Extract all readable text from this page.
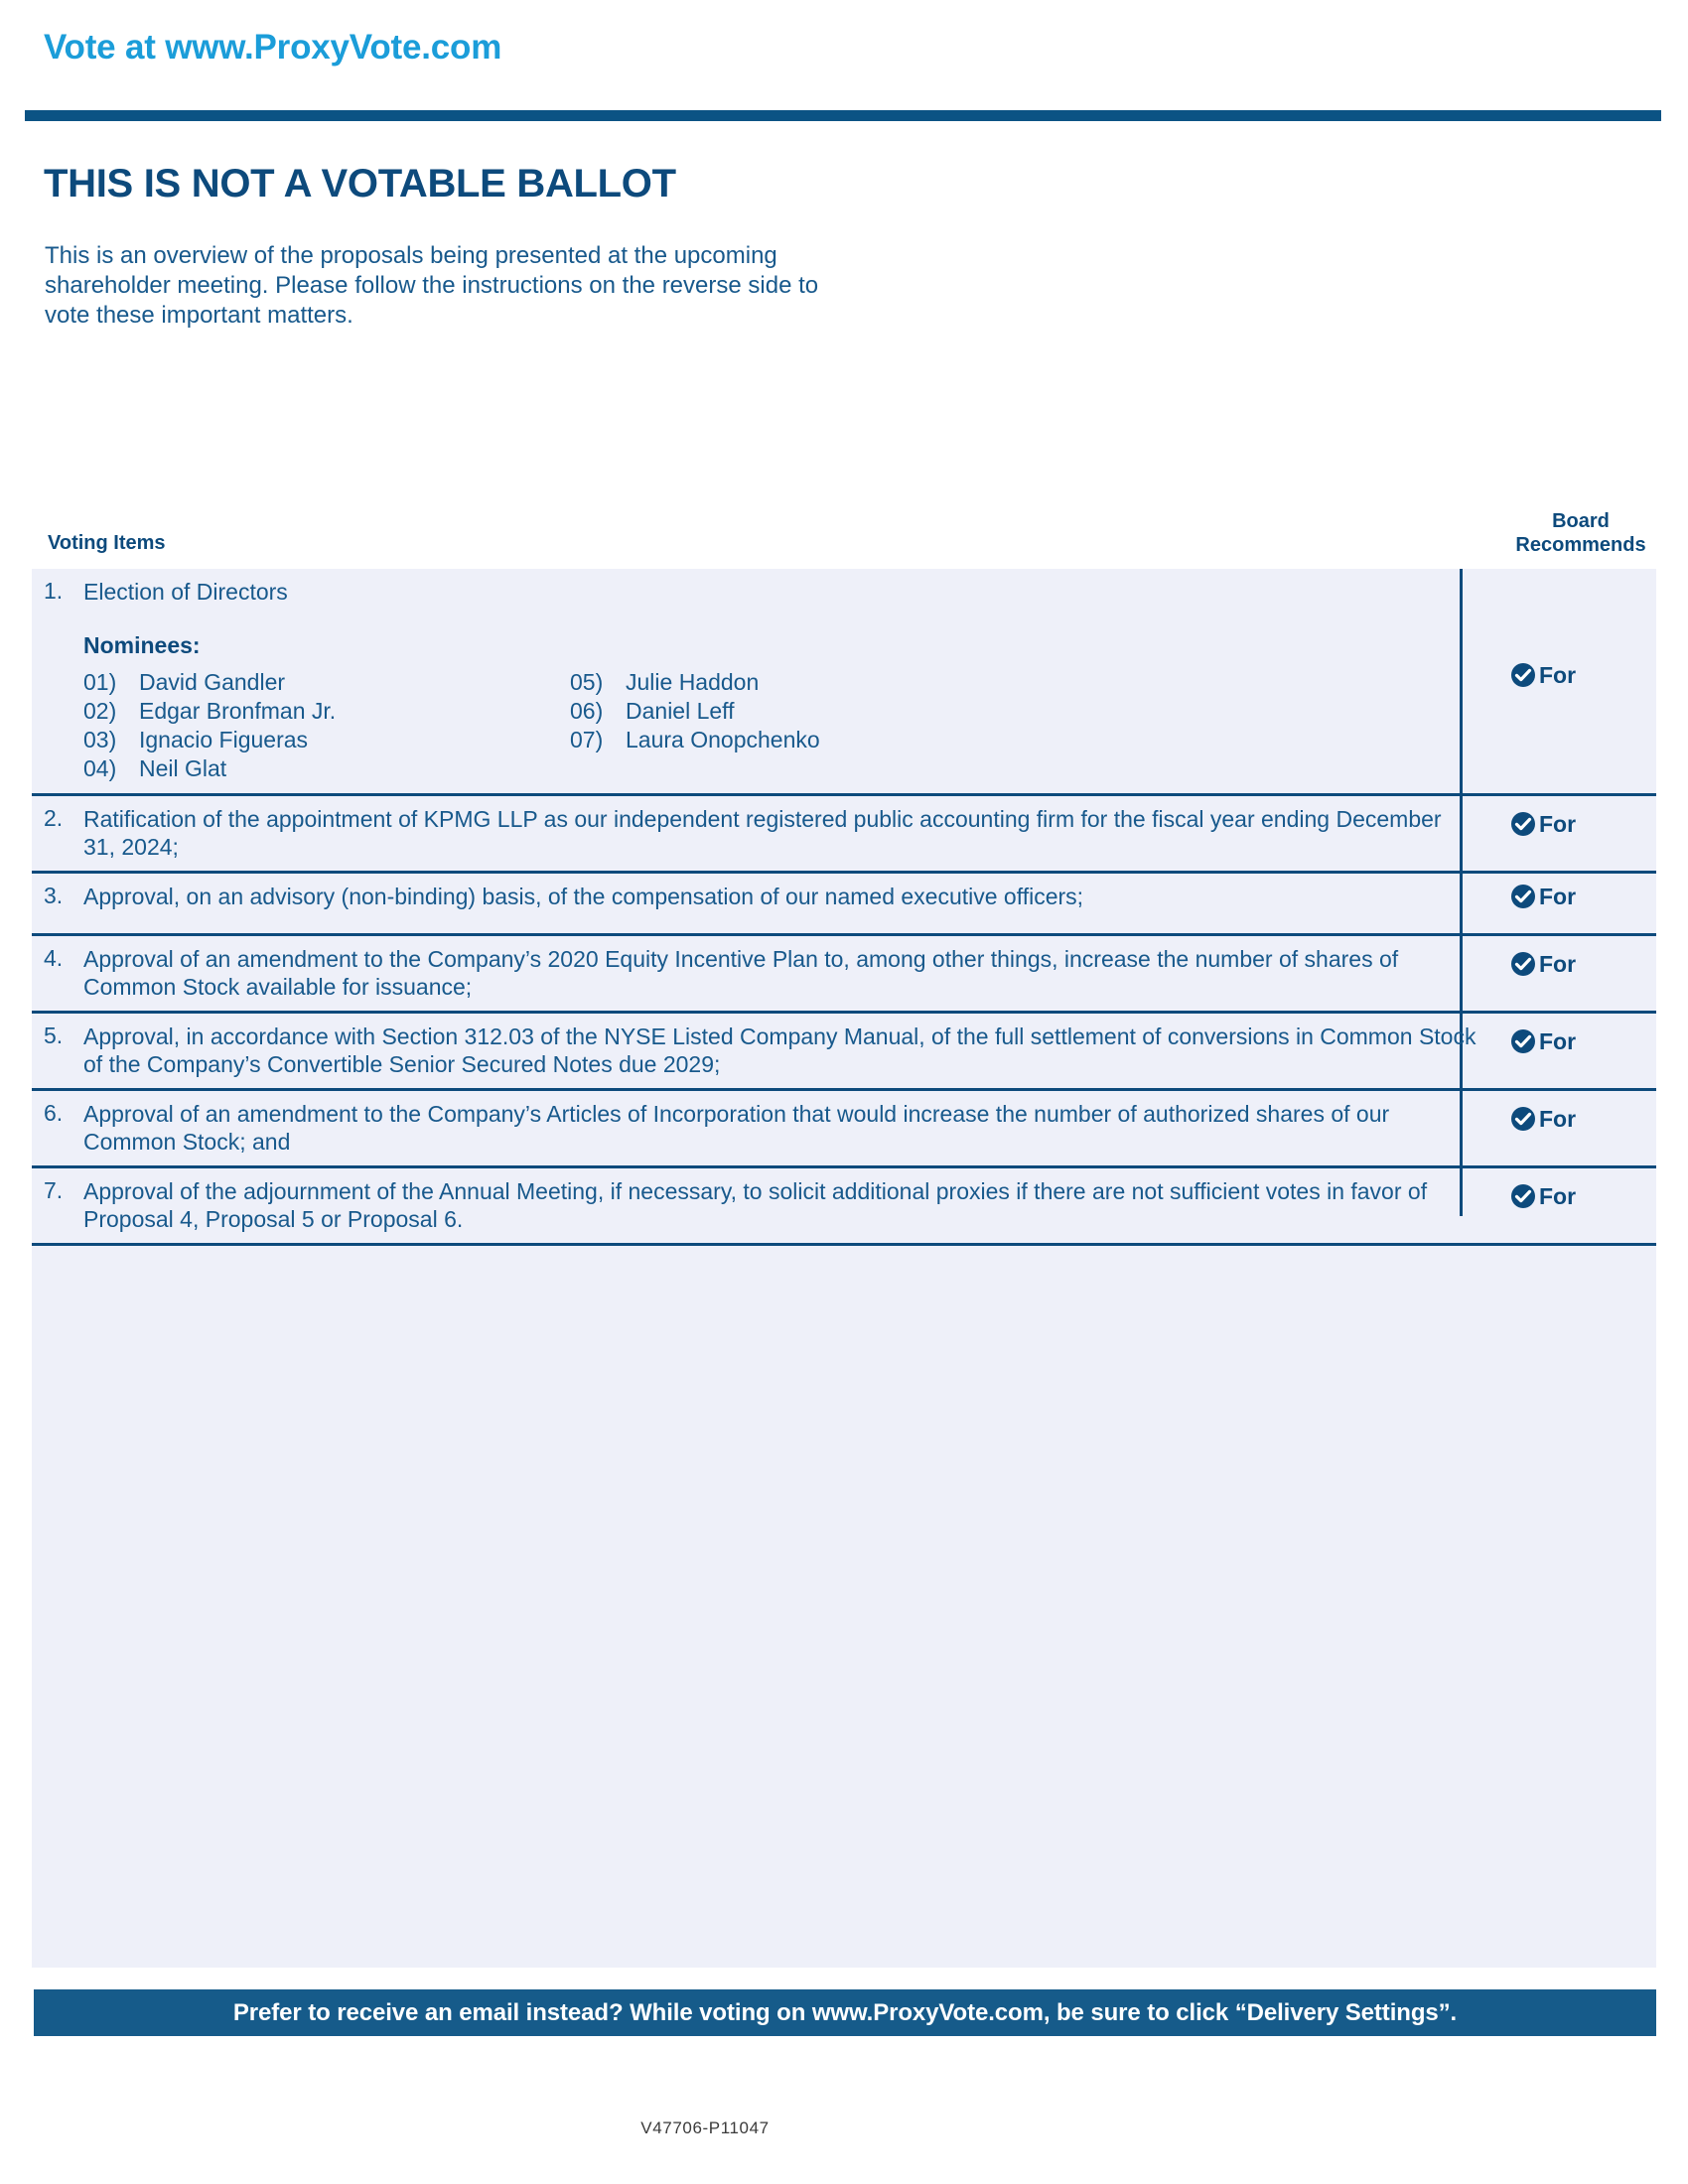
Vote at www.ProxyVote.com
THIS IS NOT A VOTABLE BALLOT
This is an overview of the proposals being presented at the upcoming shareholder meeting. Please follow the instructions on the reverse side to vote these important matters.
Voting Items
Board
Recommends
1. Election of Directors
Nominees:
01) David Gandler
02) Edgar Bronfman Jr.
03) Ignacio Figueras
04) Neil Glat
05) Julie Haddon
06) Daniel Leff
07) Laura Onopchenko
For
2. Ratification of the appointment of KPMG LLP as our independent registered public accounting firm for the fiscal year ending December 31, 2024;
For
3. Approval, on an advisory (non-binding) basis, of the compensation of our named executive officers;	For
4. Approval of an amendment to the Company’s 2020 Equity Incentive Plan to, among other things, increase the number of shares of Common Stock available for issuance;
For
5. Approval, in accordance with Section 312.03 of the NYSE Listed Company Manual, of the full settlement of conversions in Common Stock of the Company’s Convertible Senior Secured Notes due 2029;
For
6. Approval of an amendment to the Company’s Articles of Incorporation that would increase the number of authorized shares of our Common Stock; and
For
7. Approval of the adjournment of the Annual Meeting, if necessary, to solicit additional proxies if there are not sufficient votes in favor of Proposal 4, Proposal 5 or Proposal 6.
For
Prefer to receive an email instead? While voting on www.ProxyVote.com, be sure to click “Delivery Settings”.
V47706-P11047
